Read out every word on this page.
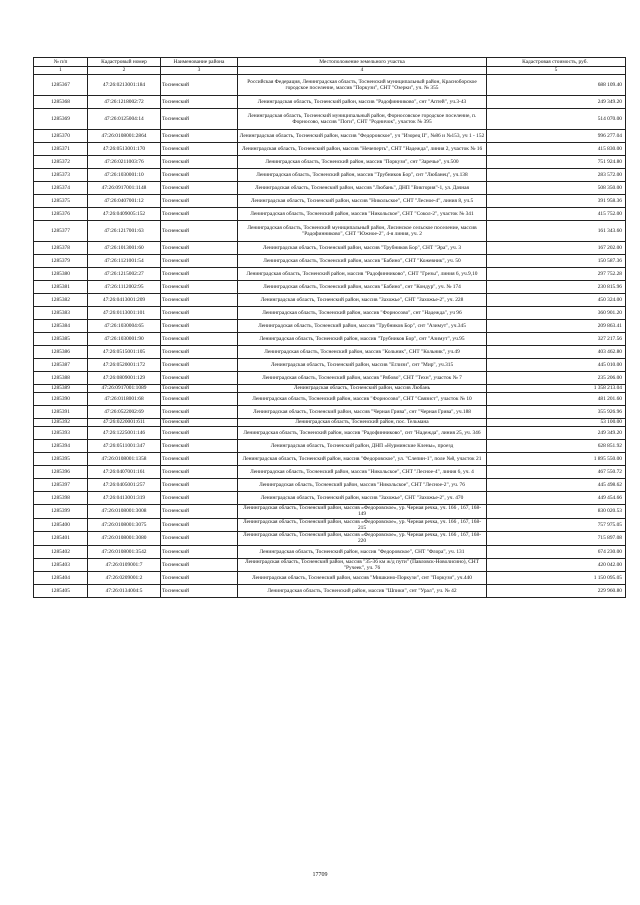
№ п/п	Кадастровый номер	Наименование района	Местоположение земельного участка	Кадастровая стоимость, руб.
1	2	3	4	5
1285367	47:26:0213001:184	Тосненский	Российская Федерация, Ленинградская область, Тосненский муниципальный район, Красноборское городское поселение, массив "Поркузи", СНТ "Озерки", уч. № 355	688 109.40
1285368	47:26:1218002:72	Тосненский	Ленинградская область, Тосненский район, массив "Радофинниково", снт "Аптей", уч.3-43	249 349.20
1285369	47:26:0125004:14	Тосненский	Ленинградская область, Тосненский муниципальный район, Форносовское городское поселение, п. Форносово, массив "Поги", СНТ "Родничок", участок № 395	514 070.00
1285370	47:26:0108001:2864	Тосненский	Ленинградская область, Тосненский район, массив "Федоровское", уч "Изорец II", №86 и №153, уч 1 - 152	996 277.04
1285371	47:26:0513001:170	Тосненский	Ленинградская область, Тосненский район, массив "Нечеперть", СНТ "Надежда", линия 2, участок № 16	415 830.00
1285372	47:26:0211003:76	Тосненский	Ленинградская область, Тосненский район, массив "Поркузи", снт "Заречье", уч.500	751 924.80
1285373	47:26:1030001:10	Тосненский	Ленинградская область, Тосненский район, массив "Трубников Бор", снт "Любанец", уч.138	283 572.00
1285374	47:26:0917001:1148	Тосненский	Ленинградская область, Тосненский район, массив "Любань", ДНП "Виктория"-1, ул. Дачная	508 350.00
1285375	47:26:0407001:12	Тосненский	Ленинградская область, Тосненский район, массив "Никольское", СНТ "Лесное-4", линия 8, уч.5	391 958.36
1285376	47:26:0409005:152	Тосненский	Ленинградская область, Тосненский район, массив "Никольское", СНТ "Сокол-2", участок № 341	415 752.00
1285377	47:26:1217001:63	Тосненский	Ленинградская область, Тосненский муниципальный район, Лисинское сельское поселение, массив "Радофинниково", СНТ "Южное-2", 4-я линия, уч. 2	161 343.60
1285378	47:26:1013001:60	Тосненский	Ленинградская область, Тосненский район, массив "Трубников Бор", СНТ "Эра", уч. 3	167 202.00
1285379	47:26:1121001:54	Тосненский	Ленинградская область, Тосненский район, массив "Бабино", СНТ "Кожевник", уч. 50	150 587.36
1285380	47:26:1215002:27	Тосненский	Ленинградская область, Тосненский район, массив "Радофинниково", СНТ "Грезы", линия 6, уч.9,10	297 752.28
1285381	47:26:1112002:95	Тосненский	Ленинградская область, Тосненский район, массив "Бабино", снт "Кондур", уч. № 174	230 815.96
1285382	47:26:0413001:209	Тосненский	Ленинградская область, Тосненский район, массив "Захожье", СНТ "Захожье-2", уч. 228	450 324.00
1285383	47:26:0113001:101	Тосненский	Ленинградская область, Тосненский район, массив "Форносово", снт "Надежда", уч 96	360 901.20
1285384	47:26:1030004:65	Тосненский	Ленинградская область, Тосненский район, массив "Трубников Бор", снт "Азимут", уч.345	209 863.41
1285385	47:26:1030001:90	Тосненский	Ленинградская область, Тосненский район, массив "Трубников Бор", снт "Азимут", уч.95	327 217.56
1285386	47:26:0515001:105	Тосненский	Ленинградская область, Тосненский район, массив "Кольник", СНТ "Кольник", уч.49	403 462.80
1285387	47:26:0520001:172	Тосненский	Ленинградская область, Тосненский район, массив "Еглизи", снт "Мир", уч.315	445 010.00
1285388	47:26:0809001:129	Тосненский	Ленинградская область, Тосненский район, массив "Рябово", СНТ "Техн", участок № 7	235 206.00
1285389	47:26:0917001:1089	Тосненский	Ленинградская область, Тосненский район, массив Любань	1 358 213.04
1285390	47:26:0118001:68	Тосненский	Ленинградская область, Тосненский район, массив "Форносово", СНТ "Связист", участок № 10	481 201.60
1285391	47:26:0522002:69	Тосненский	Ленинградская область, Тосненский район, массив "Черная Грива", снт "Черная Грива", уч.188	355 926.96
1285392	47:26:0220001:611	Тосненский	Ленинградская область, Тосненский район, пос. Тельмана	53 100.00
1285393	47:26:1225001:146	Тосненский	Ленинградская область, Тосненский район, массив "Радофинниково", снт "Надежда", линия 25, уч. 346	249 349.20
1285394	47:26:0511001:347	Тосненский	Ленинградская область, Тосненский район, ДНП «Нурминские Клены», проезд	628 851.92
1285395	47:26:0108001:1358	Тосненский	Ленинградская область, Тосненский район, массив "Федоровское", ул. "Слепин-1", поле №8, участок 21	1 895 550.00
1285396	47:26:0407001:161	Тосненский	Ленинградская область, Тосненский район, массив "Никольское", СНТ "Лесное-4", линия 6, уч. 4	467 550.72
1285397	47:26:0405001:257	Тосненский	Ленинградская область, Тосненский район, массив "Никольское", СНТ "Лесное-2", уч. 76	445 498.62
1285398	47:26:0413001:319	Тосненский	Ленинградская область, Тосненский район, массив "Захожье", СНТ "Захожье-2", уч. 470	449 454.66
1285399	47:26:0108001:3008	Тосненский	Ленинградская область, Тосненский район, массив «Федоровское», ур. Черная речка, уч. 166 , 167, 168-149	830 020.53
1285400	47:26:0108001:3075	Тосненский	Ленинградская область, Тосненский район, массив «Федоровское», ур. Черная речка, уч. 166 , 167, 168-215	757 975.05
1285401	47:26:0108001:3080	Тосненский	Ленинградская область, Тосненский район, массив «Федоровское», ур. Черная речка, уч. 166 , 167, 168-220	715 897.08
1285402	47:26:0108001:3542	Тосненский	Ленинградская область, Тосненский район, массив "Федоровское", СНТ "Флора", уч. 131	674 230.00
1285403	47:26:0109001:7	Тосненский	Ленинградская область, Тосненский район, массив "35-36 км ж/д пути" (Павловск-Новолисино), СНТ "Ручеек", уч. 76	420 042.00
1285404	47:26:0209001:2	Тосненский	Ленинградская область, Тосненский район, массив "Мишкино-Поркузи", снт "Поркузи", уч.440	1 150 095.05
1285405	47:26:0134004:5	Тосненский	Ленинградская область, Тосненский район, массив "Шпики", снт "Урал", уч. № 42	229 960.80
17709
